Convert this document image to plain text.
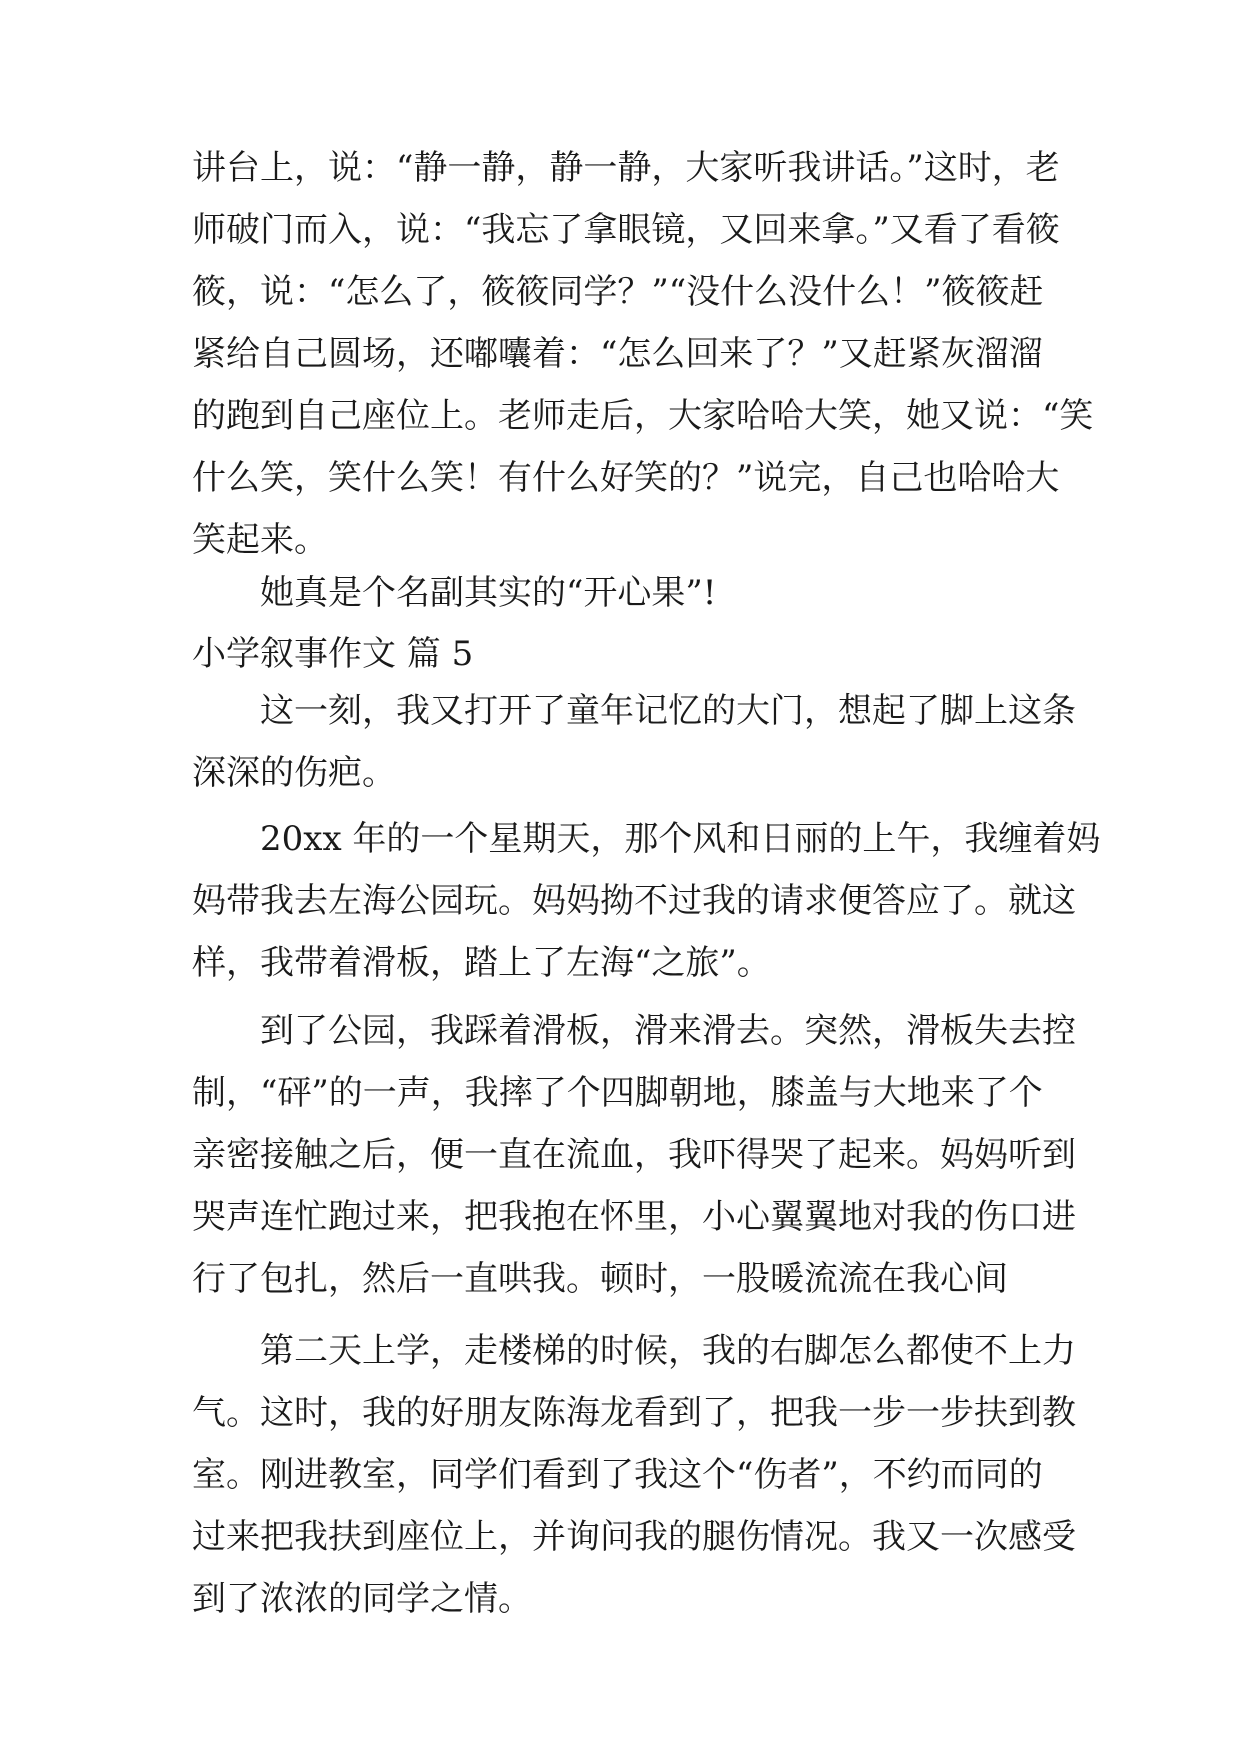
讲台上，说：“静一静，静一静，大家听我讲话。”这时，老
师破门而入，说：“我忘了拿眼镜，又回来拿。”又看了看筱
筱，说：“怎么了，筱筱同学？”“没什么没什么！”筱筱赶
紧给自己圆场，还嘟囔着：“怎么回来了？”又赶紧灰溜溜
的跑到自己座位上。老师走后，大家哈哈大笑，她又说：“笑
什么笑，笑什么笑！有什么好笑的？”说完，自己也哈哈大
笑起来。
她真是个名副其实的“开心果”!
小学叙事作文 篇 5
这一刻，我又打开了童年记忆的大门，想起了脚上这条
深深的伤疤。
20xx 年的一个星期天，那个风和日丽的上午，我缠着妈
妈带我去左海公园玩。妈妈拗不过我的请求便答应了。就这
样，我带着滑板，踏上了左海“之旅”。
到了公园，我踩着滑板，滑来滑去。突然，滑板失去控
制，“砰”的一声，我摔了个四脚朝地，膝盖与大地来了个
亲密接触之后，便一直在流血，我吓得哭了起来。妈妈听到
哭声连忙跑过来，把我抱在怀里，小心翼翼地对我的伤口进
行了包扎，然后一直哄我。顿时，一股暖流流在我心间
第二天上学，走楼梯的时候，我的右脚怎么都使不上力
气。这时，我的好朋友陈海龙看到了，把我一步一步扶到教
室。刚进教室，同学们看到了我这个“伤者”，不约而同的
过来把我扶到座位上，并询问我的腿伤情况。我又一次感受
到了浓浓的同学之情。
